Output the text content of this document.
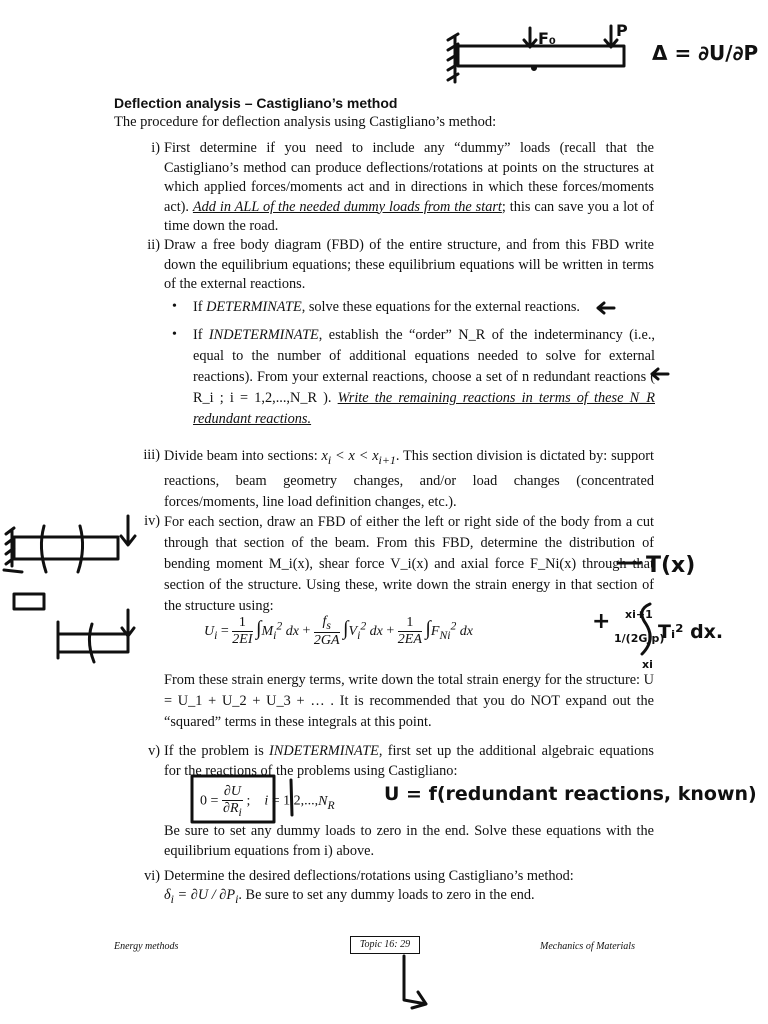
F₀	P
Δ = ∂U/∂P
T(x)
+ xi+1
1/(2GJp)
xi
Tᵢ² dx.
U = f(redundant reactions, known)
Deflection analysis – Castigliano’s method
The procedure for deflection analysis using Castigliano’s method:
i) First determine if you need to include any “dummy” loads (recall that the Castigliano’s method can produce deflections/rotations at points on the structures at which applied forces/moments act and in directions in which these forces/moments act). Add in ALL of the needed dummy loads from the start; this can save you a lot of time down the road.
ii) Draw a free body diagram (FBD) of the entire structure, and from this FBD write down the equilibrium equations; these equilibrium equations will be written in terms of the external reactions.
• If DETERMINATE, solve these equations for the external reactions.
• If INDETERMINATE, establish the “order” N_R of the indeterminancy (i.e., equal to the number of additional equations needed to solve for external reactions). From your external reactions, choose a set of n redundant reactions ( R_i ; i = 1,2,...,N_R ). Write the remaining reactions in terms of these N_R redundant reactions.
iii) Divide beam into sections: $x_i < x < x_{i+1}$. This section division is dictated by: support reactions, beam geometry changes, and/or load changes (concentrated forces/moments, line load definition changes, etc.).
iv) For each section, draw an FBD of either the left or right side of the body from a cut through that section of the beam. From this FBD, determine the distribution of bending moment M_i(x), shear force V_i(x) and axial force F_Ni(x) through that section of the structure. Using these, write down the strain energy in that section of the structure using:
$U_i = \frac{1}{2EI} \int M_i^2$ dx + $\frac{f_s}{2GA} \int V_i^2$ dx + $\frac{1}{2EA} \int F_{Ni}^2$ dx
From these strain energy terms, write down the total strain energy for the structure: U = U_1 + U_2 + U_3 + … . It is recommended that you do NOT expand out the “squared” terms in these integrals at this point.
v) If the problem is INDETERMINATE, first set up the additional algebraic equations for the reactions of the problems using Castigliano:
$0 = \frac{\partial U}{\partial R_i}$ ;    $i = 1,2,...,N_R$
Be sure to set any dummy loads to zero in the end. Solve these equations with the equilibrium equations from i) above.
vi) Determine the desired deflections/rotations using Castigliano’s method:
$\delta_i = \partial U / \partial P_i$. Be sure to set any dummy loads to zero in the end.
Energy methods	Topic 16: 29	Mechanics of Materials
